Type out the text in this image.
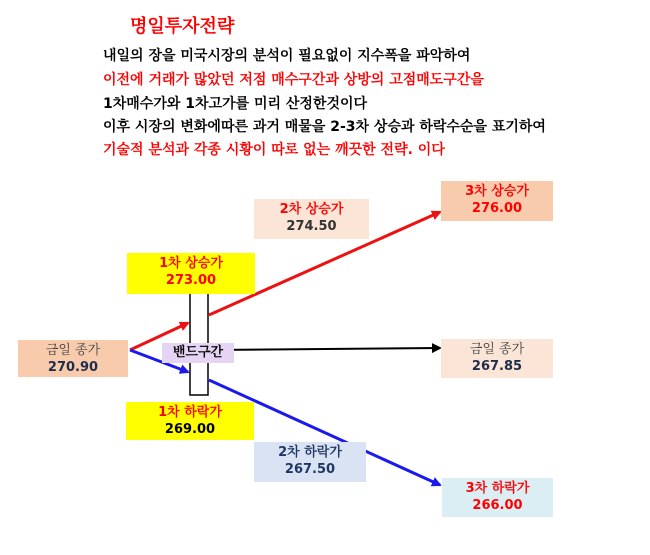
명일투자전략
내일의 장을 미국시장의 분석이 필요없이 지수폭을 파악하여
이전에 거래가 많았던 저점 매수구간과 상방의 고점매도구간을
1차매수가와 1차고가를 미리 산정한것이다
이후 시장의 변화에따른 과거 매물을 2-3차 상승과 하락수순을 표기하여
기술적 분석과 각종 시황이 따로 없는 깨끗한 전략. 이다
밴드구간
금일 종가
270.90
1차 상승가
273.00
2차 상승가
274.50
3차 상승가
276.00
금일 종가
267.85
1차 하락가
269.00
2차 하락가
267.50
3차 하락가
266.00
